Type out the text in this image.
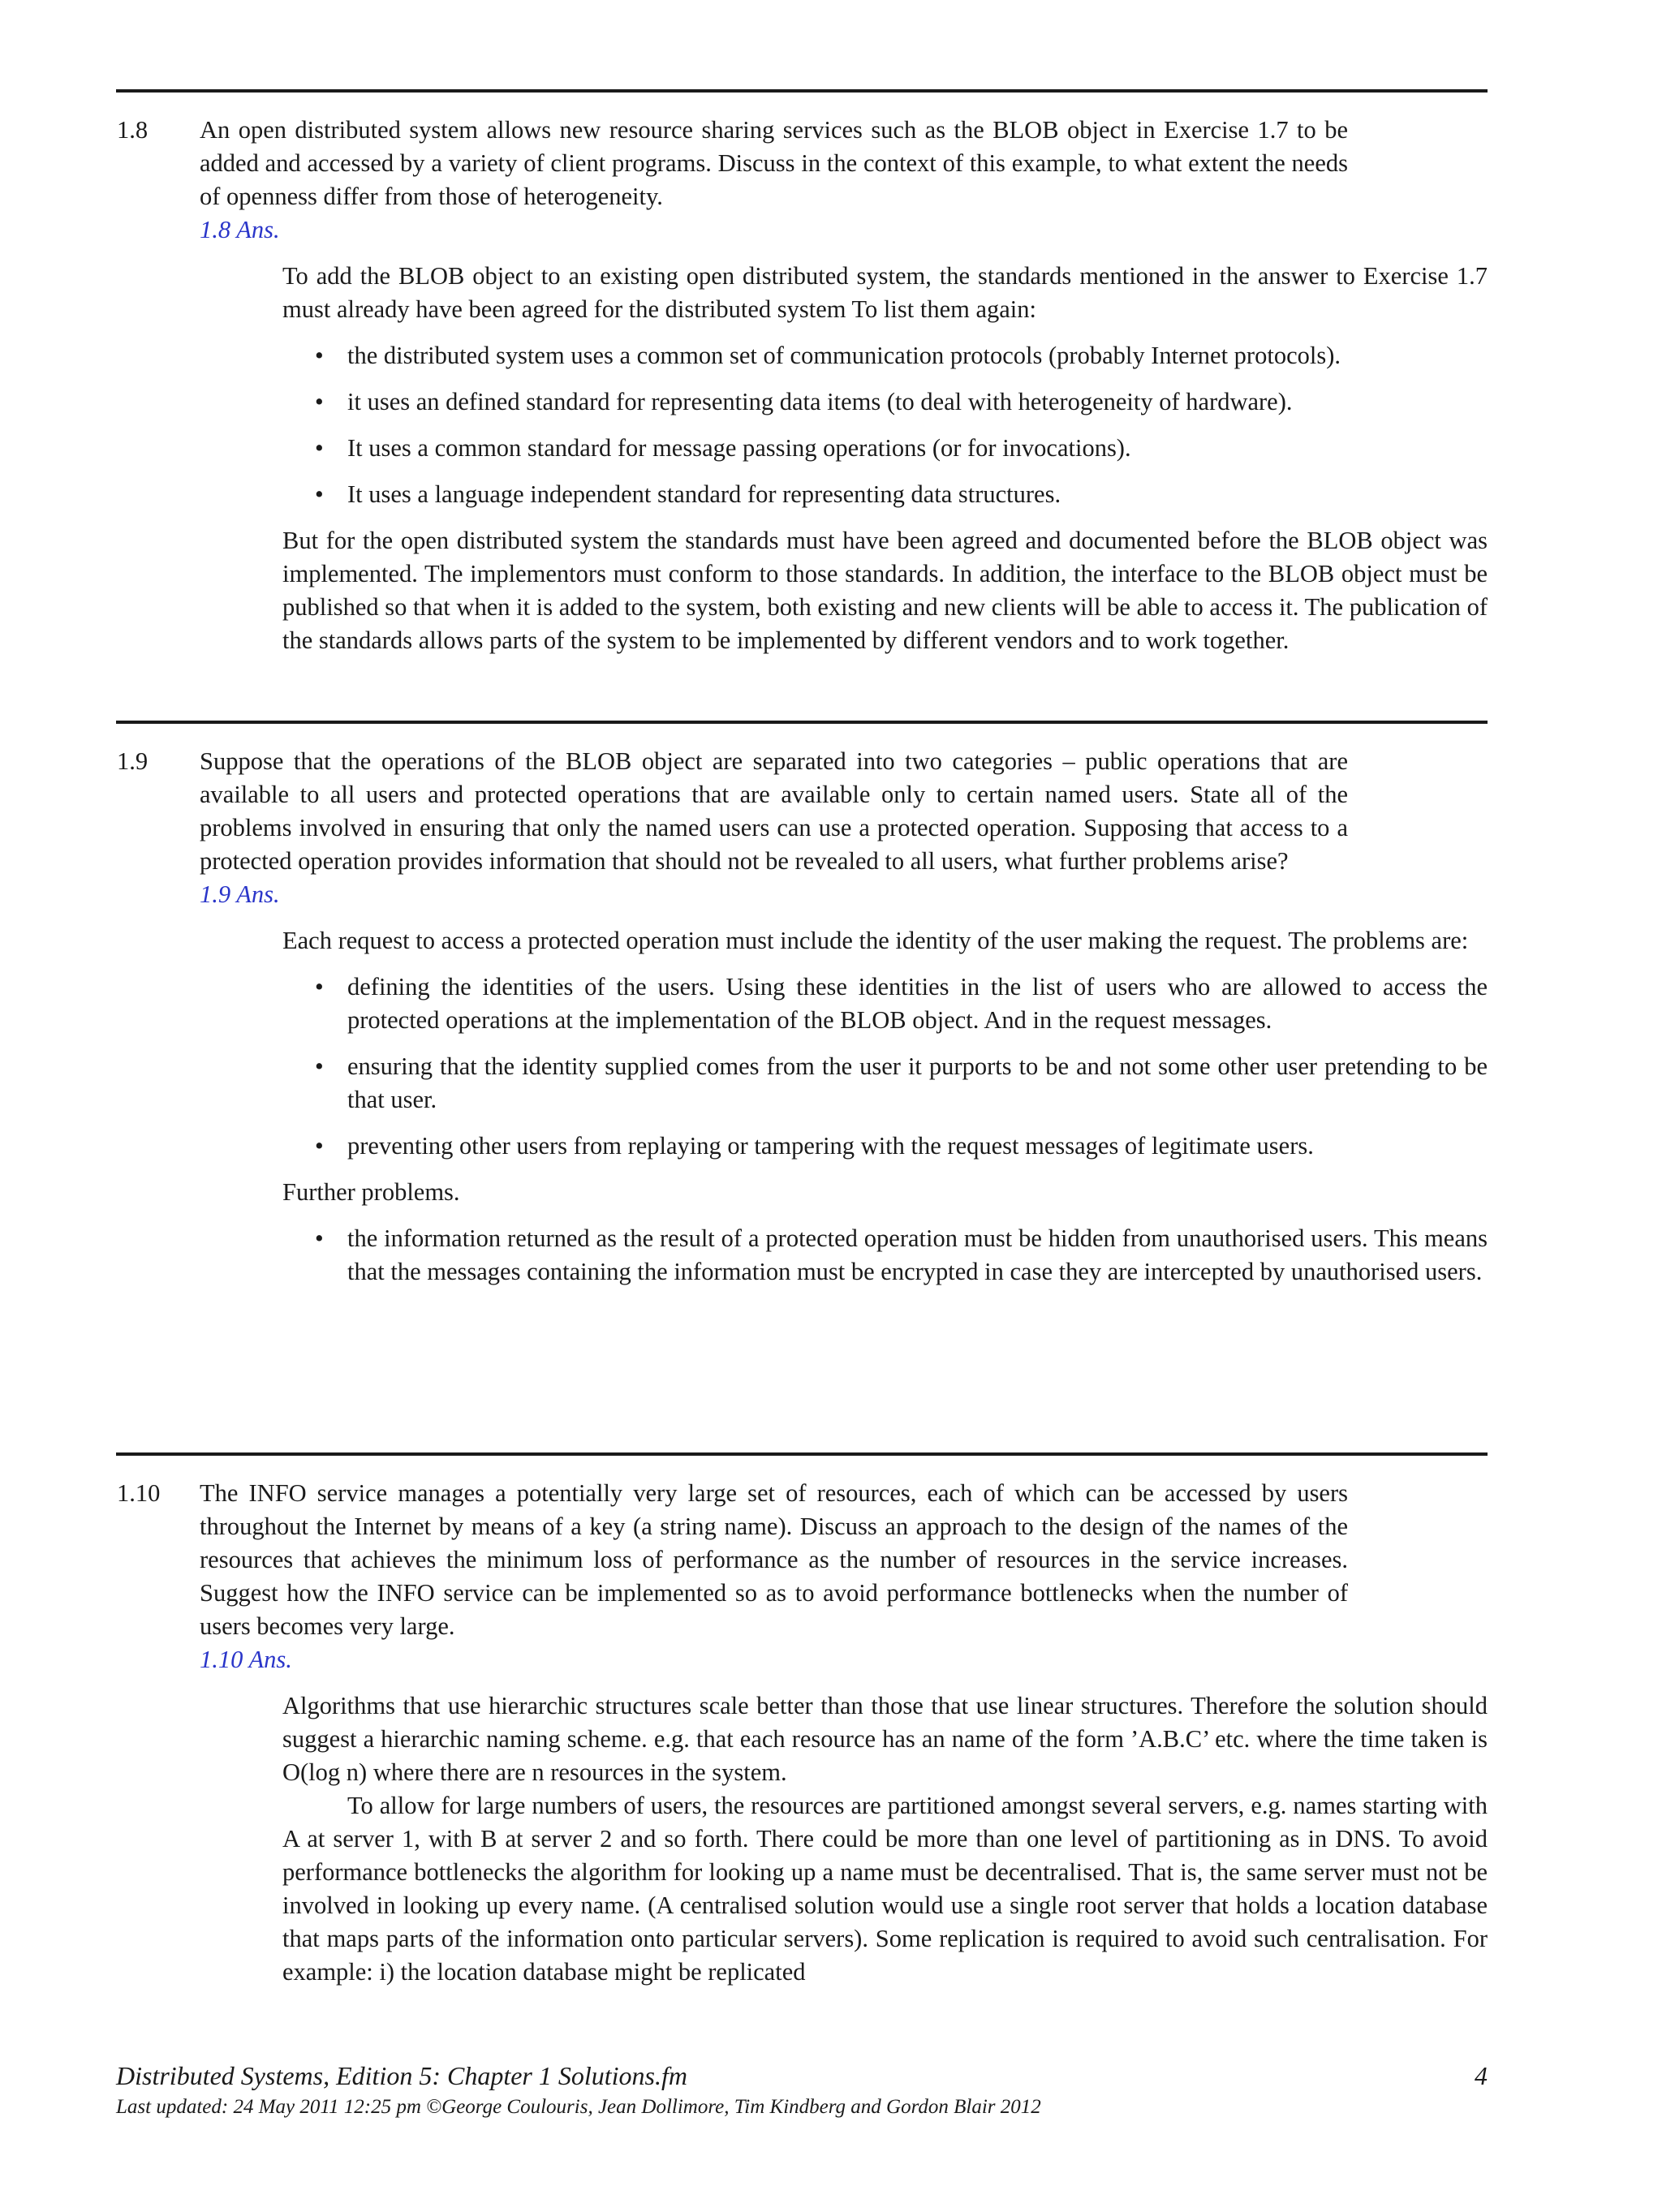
1.8 An open distributed system allows new resource sharing services such as the BLOB object in Exercise 1.7 to be added and accessed by a variety of client programs. Discuss in the context of this example, to what extent the needs of openness differ from those of heterogeneity.
1.8 Ans.

To add the BLOB object to an existing open distributed system, the standards mentioned in the answer to Exercise 1.7 must already have been agreed for the distributed system To list them again:

• the distributed system uses a common set of communication protocols (probably Internet protocols).
• it uses an defined standard for representing data items (to deal with heterogeneity of hardware).
• It uses a common standard for message passing operations (or for invocations).
• It uses a language independent standard for representing data structures.

But for the open distributed system the standards must have been agreed and documented before the BLOB object was implemented. The implementors must conform to those standards. In addition, the interface to the BLOB object must be published so that when it is added to the system, both existing and new clients will be able to access it. The publication of the standards allows parts of the system to be implemented by different vendors and to work together.

1.9 Suppose that the operations of the BLOB object are separated into two categories – public operations that are available to all users and protected operations that are available only to certain named users. State all of the problems involved in ensuring that only the named users can use a protected operation. Supposing that access to a protected operation provides information that should not be revealed to all users, what further problems arise?
1.9 Ans.

Each request to access a protected operation must include the identity of the user making the request. The problems are:

• defining the identities of the users. Using these identities in the list of users who are allowed to access the protected operations at the implementation of the BLOB object. And in the request messages.
• ensuring that the identity supplied comes from the user it purports to be and not some other user pretending to be that user.
• preventing other users from replaying or tampering with the request messages of legitimate users.

Further problems.

• the information returned as the result of a protected operation must be hidden from unauthorised users. This means that the messages containing the information must be encrypted in case they are intercepted by unauthorised users.
1.10 The INFO service manages a potentially very large set of resources, each of which can be accessed by users throughout the Internet by means of a key (a string name). Discuss an approach to the design of the names of the resources that achieves the minimum loss of performance as the number of resources in the service increases. Suggest how the INFO service can be implemented so as to avoid performance bottlenecks when the number of users becomes very large.
1.10 Ans.

Algorithms that use hierarchic structures scale better than those that use linear structures. Therefore the solution should suggest a hierarchic naming scheme. e.g. that each resource has an name of the form ’A.B.C’ etc. where the time taken is O(log n) where there are n resources in the system.

To allow for large numbers of users, the resources are partitioned amongst several servers, e.g. names starting with A at server 1, with B at server 2 and so forth. There could be more than one level of partitioning as in DNS. To avoid performance bottlenecks the algorithm for looking up a name must be decentralised. That is, the same server must not be involved in looking up every name. (A centralised solution would use a single root server that holds a location database that maps parts of the information onto particular servers). Some replication is required to avoid such centralisation. For example: i) the location database might be replicated

Distributed Systems, Edition 5: Chapter 1 Solutions.fm	4
Last updated: 24 May 2011 12:25 pm ©George Coulouris, Jean Dollimore, Tim Kindberg and Gordon Blair 2012
